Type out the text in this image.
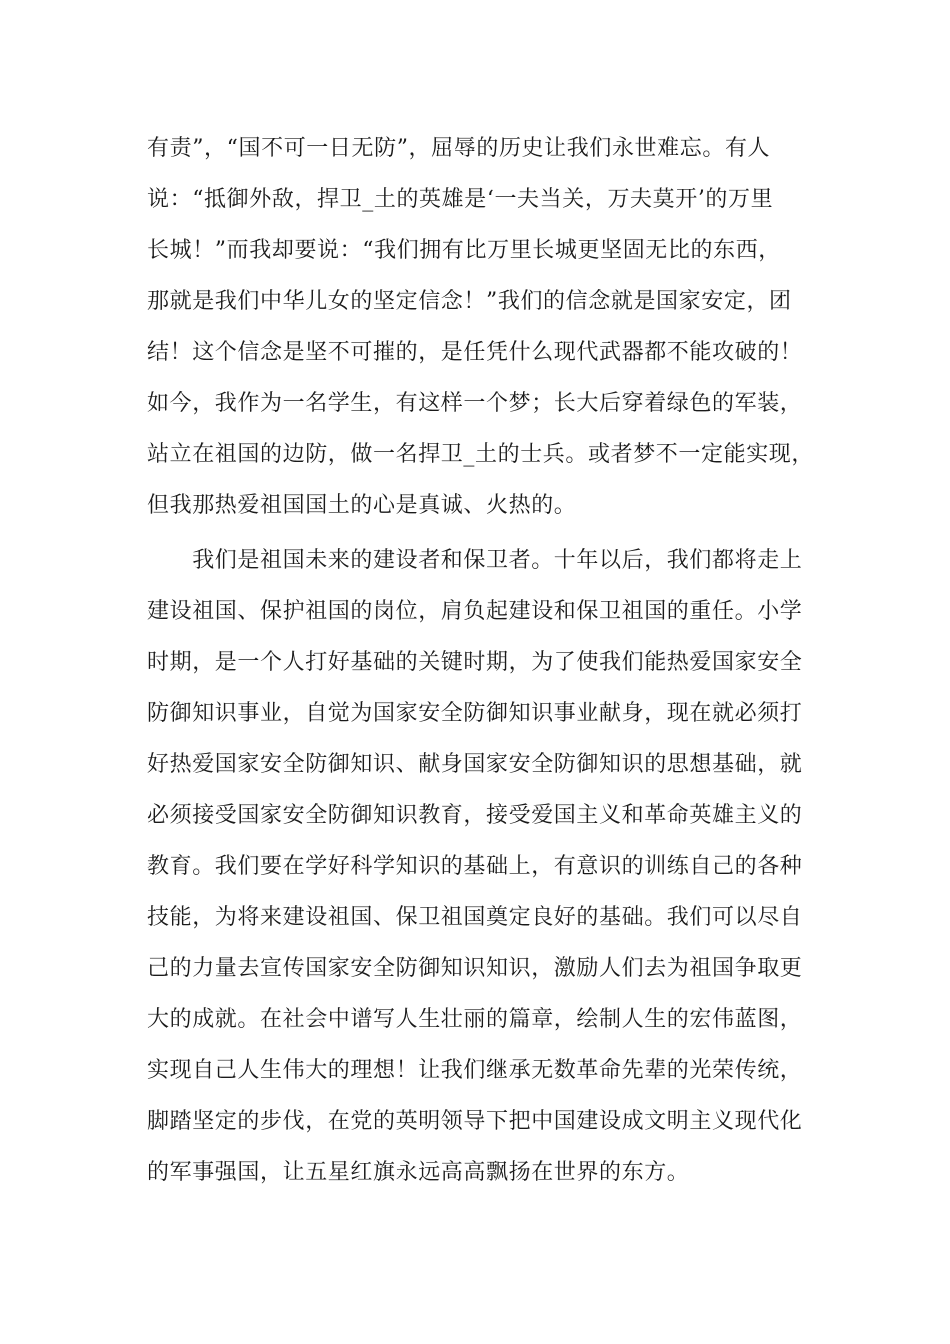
有责”，“国不可一日无防”，屈辱的历史让我们永世难忘。有人
说：“抵御外敌，捍卫_土的英雄是‘一夫当关，万夫莫开’的万里
长城！”而我却要说：“我们拥有比万里长城更坚固无比的东西，
那就是我们中华儿女的坚定信念！”我们的信念就是国家安定，团
结！这个信念是坚不可摧的，是任凭什么现代武器都不能攻破的！
如今，我作为一名学生，有这样一个梦；长大后穿着绿色的军装，
站立在祖国的边防，做一名捍卫_土的士兵。或者梦不一定能实现，
但我那热爱祖国国土的心是真诚、火热的。
　　我们是祖国未来的建设者和保卫者。十年以后，我们都将走上
建设祖国、保护祖国的岗位，肩负起建设和保卫祖国的重任。小学
时期，是一个人打好基础的关键时期，为了使我们能热爱国家安全
防御知识事业，自觉为国家安全防御知识事业献身，现在就必须打
好热爱国家安全防御知识、献身国家安全防御知识的思想基础，就
必须接受国家安全防御知识教育，接受爱国主义和革命英雄主义的
教育。我们要在学好科学知识的基础上，有意识的训练自己的各种
技能，为将来建设祖国、保卫祖国奠定良好的基础。我们可以尽自
己的力量去宣传国家安全防御知识知识，激励人们去为祖国争取更
大的成就。在社会中谱写人生壮丽的篇章，绘制人生的宏伟蓝图，
实现自己人生伟大的理想！让我们继承无数革命先辈的光荣传统，
脚踏坚定的步伐，在党的英明领导下把中国建设成文明主义现代化
的军事强国，让五星红旗永远高高飘扬在世界的东方。
